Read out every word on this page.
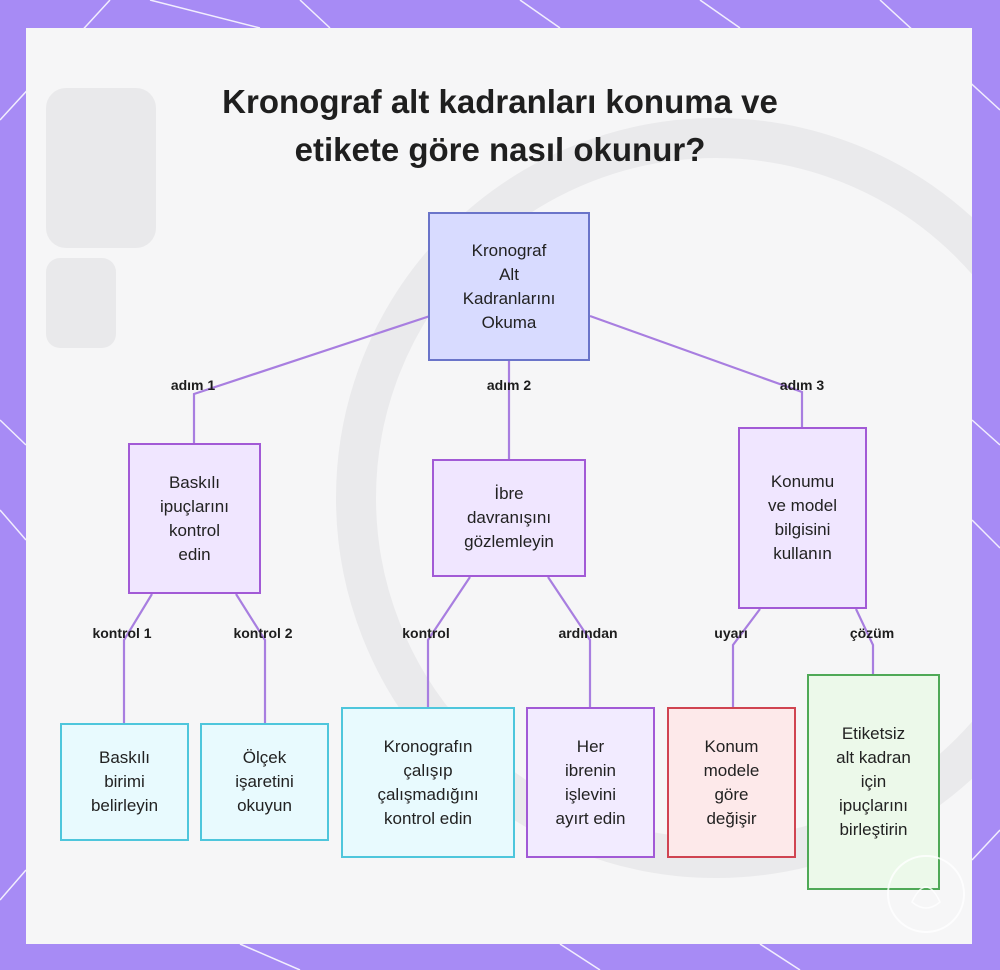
Kronograf alt kadranları konuma ve
etikete göre nasıl okunur?
adım 1	adım 2	adım 3
kontrol 1	kontrol 2	kontrol	ardından	uyarı	çözüm
Kronograf
Alt
Kadranlarını
Okuma
Baskılı
ipuçlarını
kontrol
edin
İbre
davranışını
gözlemleyin
Konumu
ve model
bilgisini
kullanın
Baskılı
birimi
belirleyin
Ölçek
işaretini
okuyun
Kronografın
çalışıp
çalışmadığını
kontrol edin
Her
ibrenin
işlevini
ayırt edin
Konum
modele
göre
değişir
Etiketsiz
alt kadran
için
ipuçlarını
birleştirin
